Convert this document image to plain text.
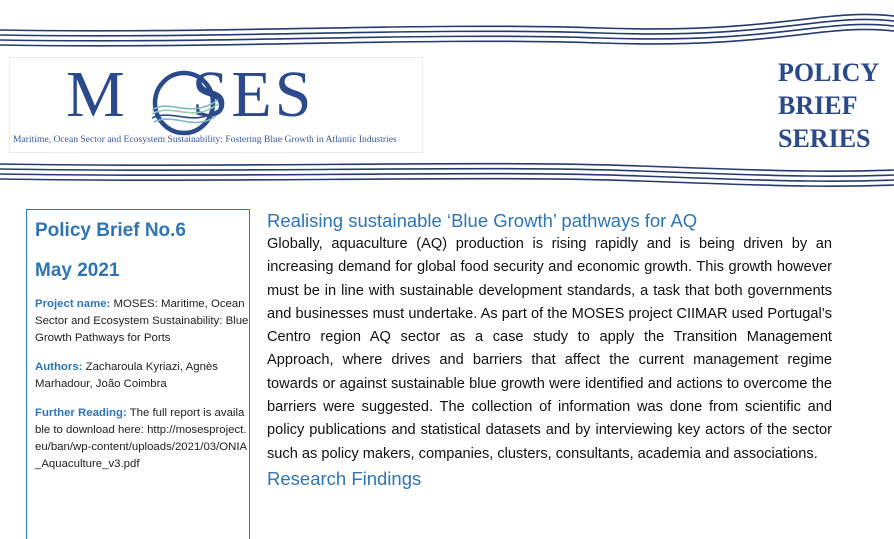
M SES
Maritime, Ocean Sector and Ecosystem Sustainability: Fostering Blue Growth in Atlantic Industries
POLICY
BRIEF
SERIES
Policy Brief No.6
May 2021
Project name: MOSES: Maritime, Ocean Sector and Ecosystem Sustainability: Blue Growth Pathways for Ports
Authors: Zacharoula Kyriazi, Agnès Marhadour, João Coimbra
Further Reading: The full report is available to download here: http://mosesproject.eu/ban/wp-content/uploads/2021/03/ONIA_Aquaculture_v3.pdf
Realising sustainable ‘Blue Growth’ pathways for AQ

Globally, aquaculture (AQ) production is rising rapidly and is being driven by an increasing demand for global food security and economic growth. This growth however must be in line with sustainable development standards, a task that both governments and businesses must undertake. As part of the MOSES project CIIMAR used Portugal’s Centro region AQ sector as a case study to apply the Transition Management Approach, where drives and barriers that affect the current management regime towards or against sustainable blue growth were identified and actions to overcome the barriers were suggested. The collection of information was done from scientific and policy publications and statistical datasets and by interviewing key actors of the sector such as policy makers, companies, clusters, consultants, academia and associations.

Research Findings
